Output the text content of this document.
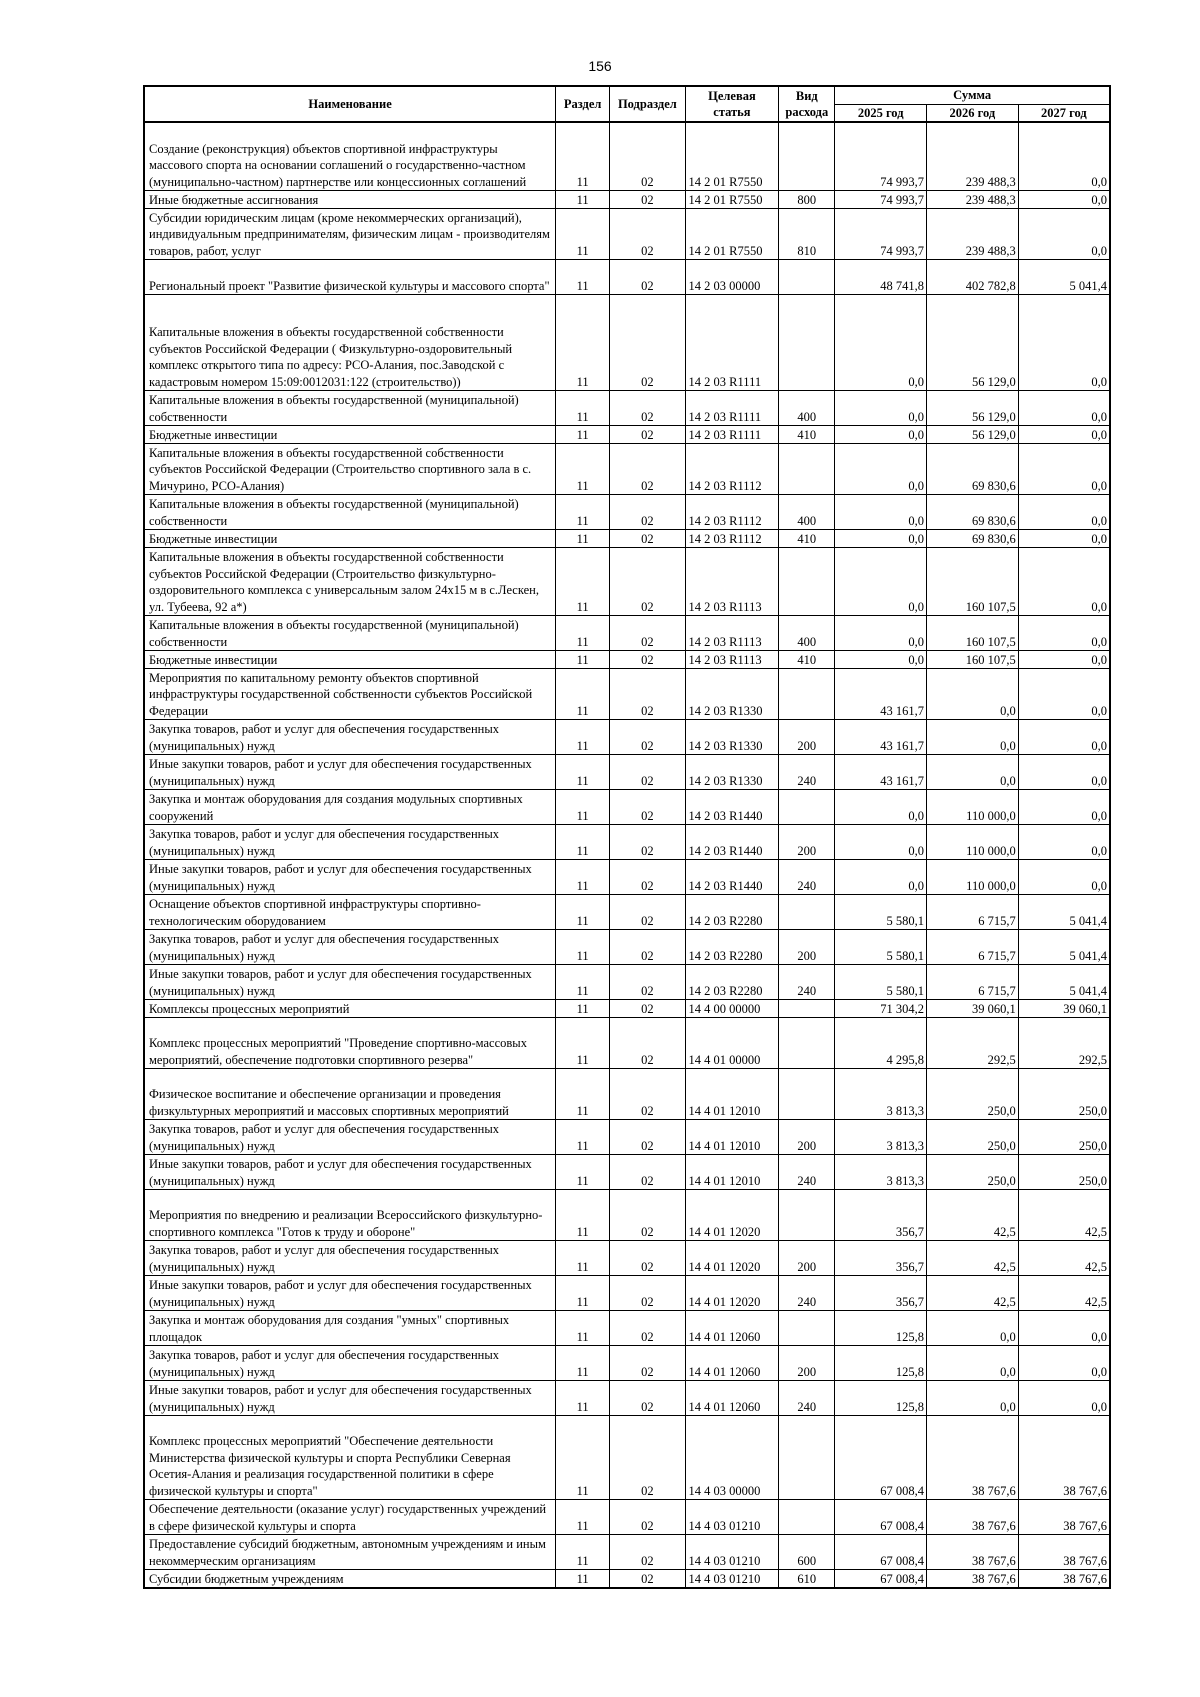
156
Наименование	Раздел	Подраздел	Целевая статья	Вид расхода	Сумма		
					2025 год	2026 год	2027 год
Создание (реконструкция) объектов спортивной инфраструктуры массового спорта на основании соглашений о государственно-частном (муниципально-частном) партнерстве или концессионных соглашений	11	02	14 2 01 R7550		74 993,7	239 488,3	0,0
Иные бюджетные ассигнования	11	02	14 2 01 R7550	800	74 993,7	239 488,3	0,0
Субсидии юридическим лицам (кроме некоммерческих организаций), индивидуальным предпринимателям, физическим лицам - производителям товаров, работ, услуг	11	02	14 2 01 R7550	810	74 993,7	239 488,3	0,0
Региональный проект "Развитие физической культуры и массового спорта"	11	02	14 2 03 00000		48 741,8	402 782,8	5 041,4

Капитальные вложения в объекты государственной собственности субъектов Российской Федерации ( Физкультурно-оздоровительный комплекс открытого типа по адресу: РСО-Алания, пос.Заводской с кадастровым номером 15:09:0012031:122 (строительство))	11	02	14 2 03 R1111		0,0	56 129,0	0,0
Капитальные вложения в объекты государственной (муниципальной) собственности	11	02	14 2 03 R1111	400	0,0	56 129,0	0,0
Бюджетные инвестиции	11	02	14 2 03 R1111	410	0,0	56 129,0	0,0
Капитальные вложения в объекты государственной собственности субъектов Российской Федерации (Строительство спортивного зала в с. Мичурино, РСО-Алания)	11	02	14 2 03 R1112		0,0	69 830,6	0,0
Капитальные вложения в объекты государственной (муниципальной) собственности	11	02	14 2 03 R1112	400	0,0	69 830,6	0,0
Бюджетные инвестиции	11	02	14 2 03 R1112	410	0,0	69 830,6	0,0
Капитальные вложения в объекты государственной собственности субъектов Российской Федерации (Строительство физкультурно-оздоровительного комплекса с универсальным залом 24х15 м в с.Лескен, ул. Тубеева, 92 а*)	11	02	14 2 03 R1113		0,0	160 107,5	0,0
Капитальные вложения в объекты государственной (муниципальной) собственности	11	02	14 2 03 R1113	400	0,0	160 107,5	0,0
Бюджетные инвестиции	11	02	14 2 03 R1113	410	0,0	160 107,5	0,0
Мероприятия по капитальному ремонту объектов спортивной инфраструктуры государственной собственности субъектов Российской Федерации	11	02	14 2 03 R1330		43 161,7	0,0	0,0
Закупка товаров, работ и услуг для обеспечения государственных (муниципальных) нужд	11	02	14 2 03 R1330	200	43 161,7	0,0	0,0
Иные закупки товаров, работ и услуг для обеспечения государственных (муниципальных) нужд	11	02	14 2 03 R1330	240	43 161,7	0,0	0,0
Закупка и монтаж оборудования для создания модульных спортивных сооружений	11	02	14 2 03 R1440		0,0	110 000,0	0,0
Закупка товаров, работ и услуг для обеспечения государственных (муниципальных) нужд	11	02	14 2 03 R1440	200	0,0	110 000,0	0,0
Иные закупки товаров, работ и услуг для обеспечения государственных (муниципальных) нужд	11	02	14 2 03 R1440	240	0,0	110 000,0	0,0
Оснащение объектов спортивной инфраструктуры спортивно-технологическим оборудованием	11	02	14 2 03 R2280		5 580,1	6 715,7	5 041,4
Закупка товаров, работ и услуг для обеспечения государственных (муниципальных) нужд	11	02	14 2 03 R2280	200	5 580,1	6 715,7	5 041,4
Иные закупки товаров, работ и услуг для обеспечения государственных (муниципальных) нужд	11	02	14 2 03 R2280	240	5 580,1	6 715,7	5 041,4
Комплексы процессных мероприятий	11	02	14 4 00 00000		71 304,2	39 060,1	39 060,1
Комплекс процессных мероприятий "Проведение спортивно-массовых мероприятий, обеспечение подготовки спортивного резерва"	11	02	14 4 01 00000		4 295,8	292,5	292,5

Физическое воспитание и обеспечение организации и проведения физкультурных мероприятий и массовых спортивных мероприятий	11	02	14 4 01 12010		3 813,3	250,0	250,0
Закупка товаров, работ и услуг для обеспечения государственных (муниципальных) нужд	11	02	14 4 01 12010	200	3 813,3	250,0	250,0
Иные закупки товаров, работ и услуг для обеспечения государственных (муниципальных) нужд	11	02	14 4 01 12010	240	3 813,3	250,0	250,0

Мероприятия по внедрению и реализации Всероссийского физкультурно-спортивного комплекса "Готов к труду и обороне"	11	02	14 4 01 12020		356,7	42,5	42,5
Закупка товаров, работ и услуг для обеспечения государственных (муниципальных) нужд	11	02	14 4 01 12020	200	356,7	42,5	42,5
Иные закупки товаров, работ и услуг для обеспечения государственных (муниципальных) нужд	11	02	14 4 01 12020	240	356,7	42,5	42,5
Закупка и монтаж оборудования для создания "умных" спортивных площадок	11	02	14 4 01 12060		125,8	0,0	0,0
Закупка товаров, работ и услуг для обеспечения государственных (муниципальных) нужд	11	02	14 4 01 12060	200	125,8	0,0	0,0
Иные закупки товаров, работ и услуг для обеспечения государственных (муниципальных) нужд	11	02	14 4 01 12060	240	125,8	0,0	0,0

Комплекс процессных мероприятий "Обеспечение деятельности Министерства физической культуры и спорта Республики Северная Осетия-Алания и реализация государственной политики в сфере физической культуры и спорта"	11	02	14 4 03 00000		67 008,4	38 767,6	38 767,6
Обеспечение деятельности (оказание услуг) государственных учреждений в сфере физической культуры и спорта	11	02	14 4 03 01210		67 008,4	38 767,6	38 767,6
Предоставление субсидий бюджетным, автономным учреждениям и иным некоммерческим организациям	11	02	14 4 03 01210	600	67 008,4	38 767,6	38 767,6
Субсидии бюджетным учреждениям	11	02	14 4 03 01210	610	67 008,4	38 767,6	38 767,6
